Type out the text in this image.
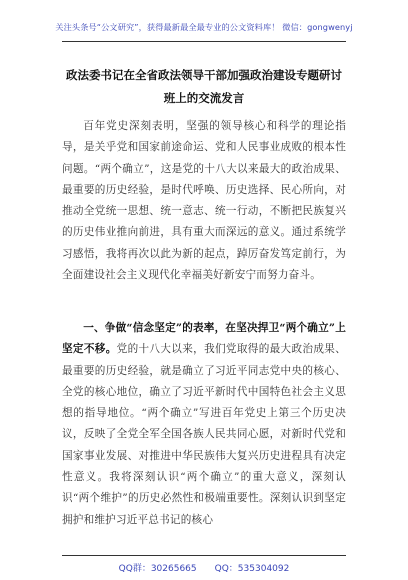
关注头条号“公文研究”，获得最新最全最专业的公文资料库！ 微信：gongwenyj
政法委书记在全省政法领导干部加强政治建设专题研讨班上的交流发言
百年党史深刻表明，坚强的领导核心和科学的理论指导，是关乎党和国家前途命运、党和人民事业成败的根本性问题。“两个确立”，这是党的十八大以来最大的政治成果、最重要的历史经验，是时代呼唤、历史选择、民心所向，对推动全党统一思想、统一意志、统一行动，不断把民族复兴的历史伟业推向前进，具有重大而深远的意义。通过系统学习感悟，我将再次以此为新的起点，踔厉奋发笃定前行，为全面建设社会主义现代化幸福美好新安宁而努力奋斗。
一、争做“信念坚定”的表率，在坚决捍卫“两个确立”上坚定不移。党的十八大以来，我们党取得的最大政治成果、最重要的历史经验，就是确立了习近平同志党中央的核心、全党的核心地位，确立了习近平新时代中国特色社会主义思想的指导地位。“两个确立”写进百年党史上第三个历史决议，反映了全党全军全国各族人民共同心愿，对新时代党和国家事业发展、对推进中华民族伟大复兴历史进程具有决定性意义。我将深刻认识“两个确立”的重大意义，深刻认识“两个维护”的历史必然性和极端重要性。深刻认识到坚定拥护和维护习近平总书记的核心
QQ群：30265665 QQ：535304092
